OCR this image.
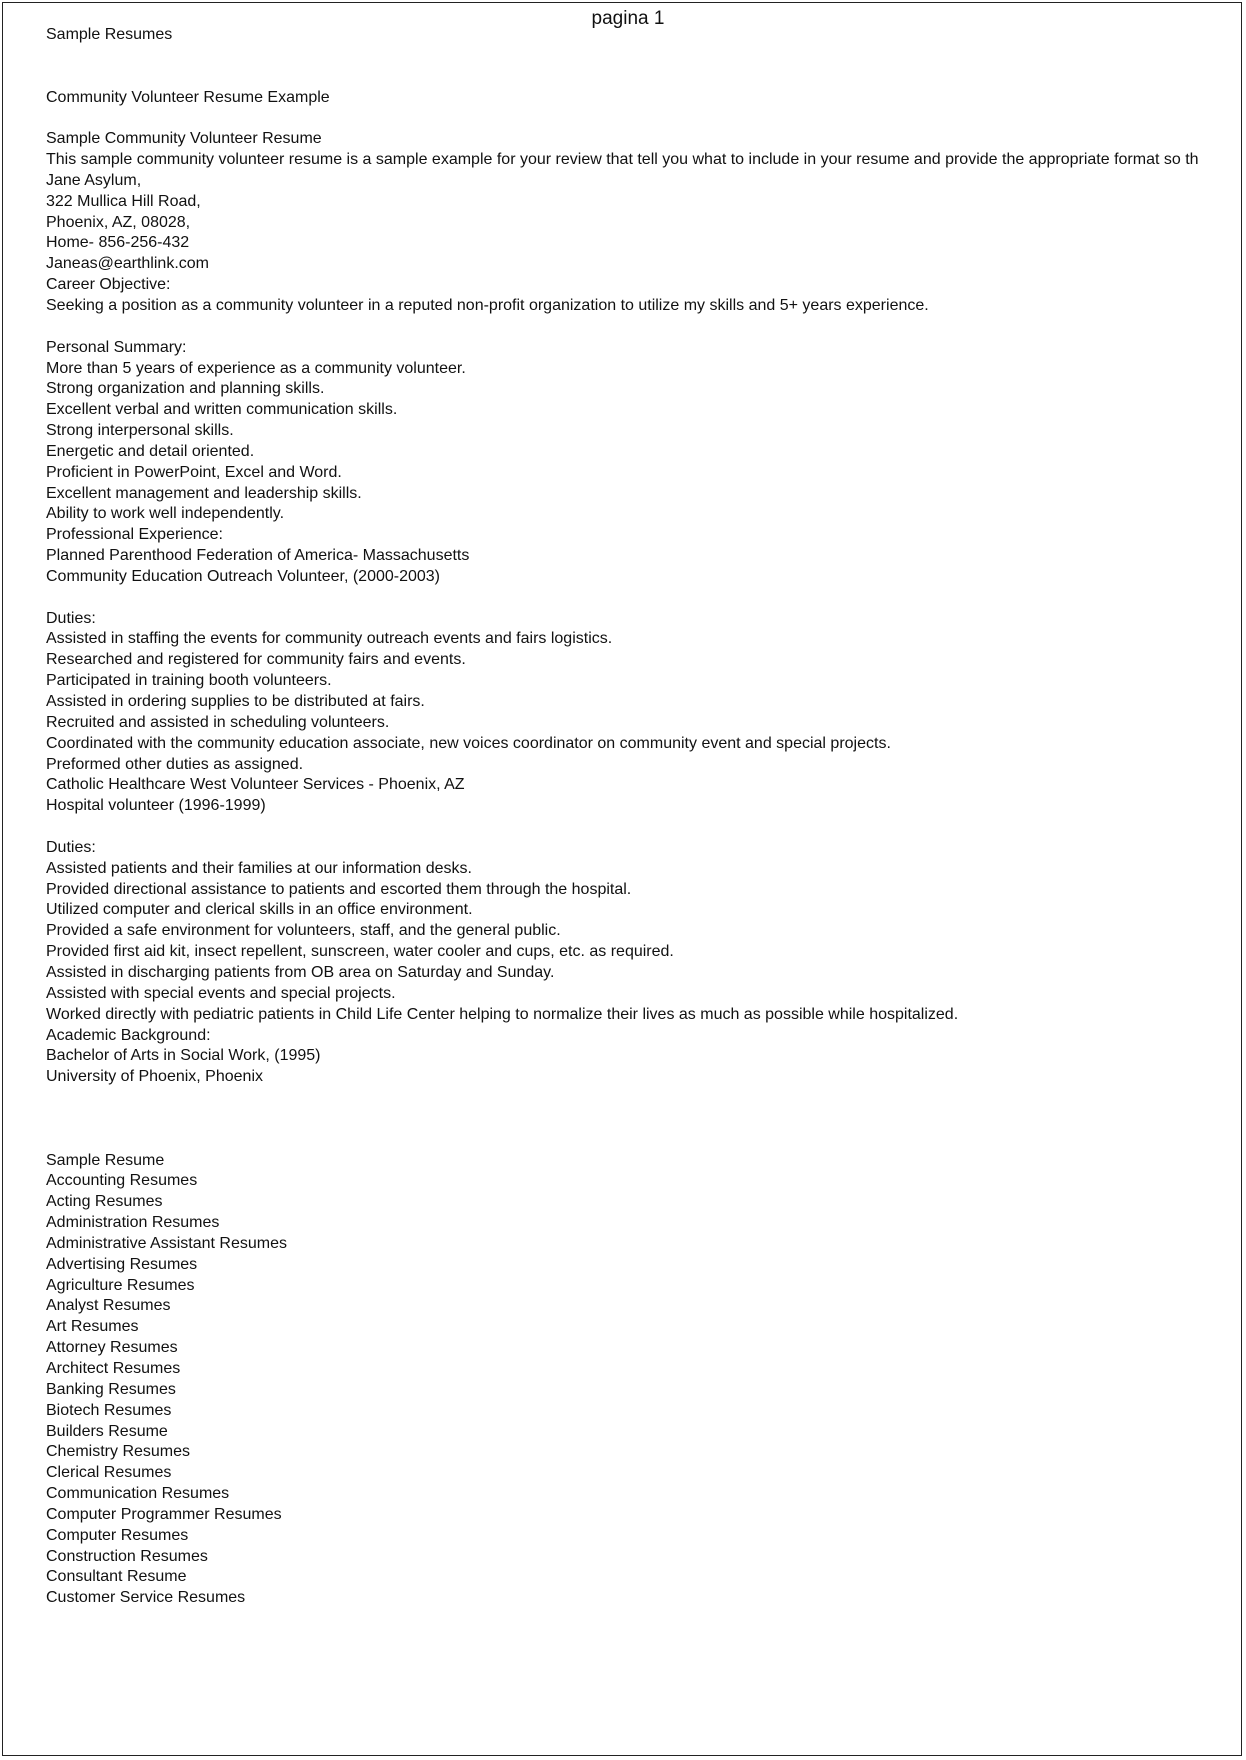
pagina 1
Sample Resumes
Community Volunteer Resume Example
Sample Community Volunteer Resume
This sample community volunteer resume is a sample example for your review that tell you what to include in your resume and provide the appropriate format so th
Jane Asylum,
322 Mullica Hill Road,
Phoenix, AZ, 08028,
Home- 856-256-432
Janeas@earthlink.com
Career Objective:
Seeking a position as a community volunteer in a reputed non-profit organization to utilize my skills and 5+ years experience.
Personal Summary:
More than 5 years of experience as a community volunteer.
Strong organization and planning skills.
Excellent verbal and written communication skills.
Strong interpersonal skills.
Energetic and detail oriented.
Proficient in PowerPoint, Excel and Word.
Excellent management and leadership skills.
Ability to work well independently.
Professional Experience:
Planned Parenthood Federation of America- Massachusetts
Community Education Outreach Volunteer, (2000-2003)
Duties:
Assisted in staffing the events for community outreach events and fairs logistics.
Researched and registered for community fairs and events.
Participated in training booth volunteers.
Assisted in ordering supplies to be distributed at fairs.
Recruited and assisted in scheduling volunteers.
Coordinated with the community education associate, new voices coordinator on community event and special projects.
Preformed other duties as assigned.
Catholic Healthcare West Volunteer Services - Phoenix, AZ
Hospital volunteer (1996-1999)
Duties:
Assisted patients and their families at our information desks.
Provided directional assistance to patients and escorted them through the hospital.
Utilized computer and clerical skills in an office environment.
Provided a safe environment for volunteers, staff, and the general public.
Provided first aid kit, insect repellent, sunscreen, water cooler and cups, etc. as required.
Assisted in discharging patients from OB area on Saturday and Sunday.
Assisted with special events and special projects.
Worked directly with pediatric patients in Child Life Center helping to normalize their lives as much as possible while hospitalized.
Academic Background:
Bachelor of Arts in Social Work, (1995)
University of Phoenix, Phoenix
Sample Resume
Accounting Resumes
Acting Resumes
Administration Resumes
Administrative Assistant Resumes
Advertising Resumes
Agriculture Resumes
Analyst Resumes
Art Resumes
Attorney Resumes
Architect Resumes
Banking Resumes
Biotech Resumes
Builders Resume
Chemistry Resumes
Clerical Resumes
Communication Resumes
Computer Programmer Resumes
Computer Resumes
Construction Resumes
Consultant Resume
Customer Service Resumes
